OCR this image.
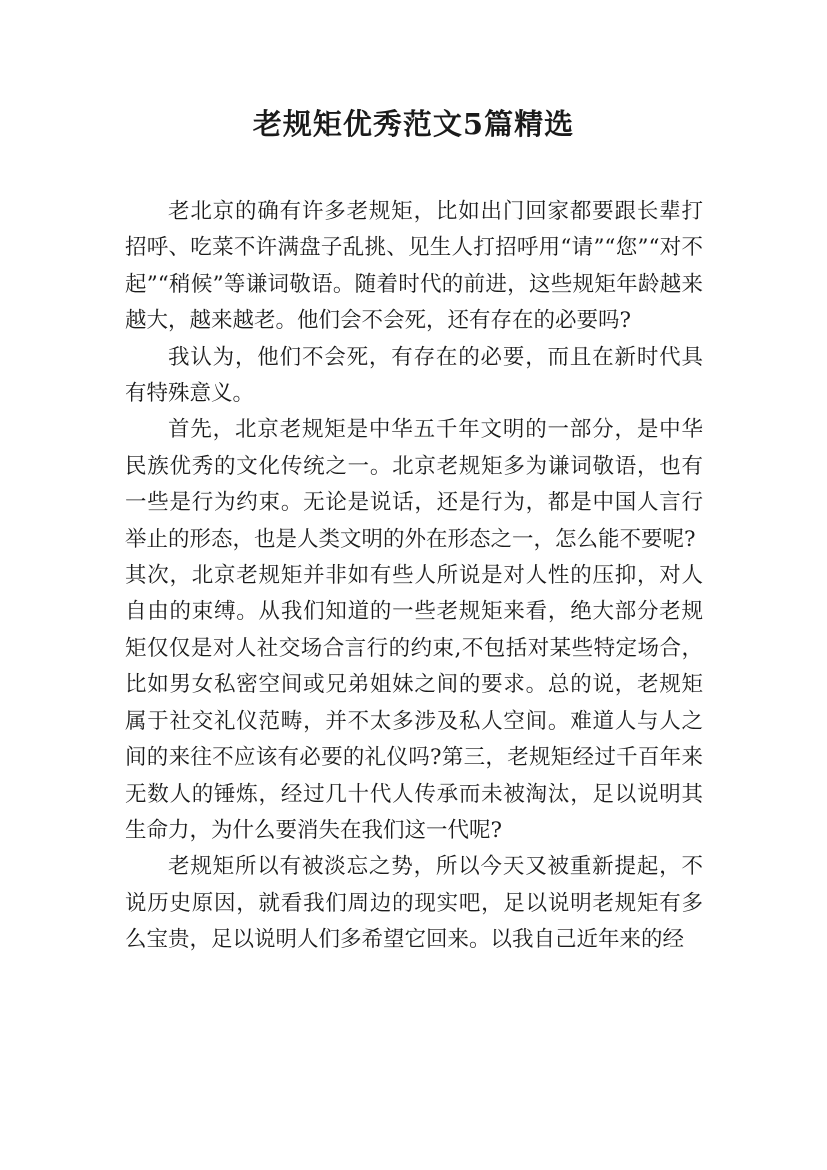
老规矩优秀范文5篇精选

老北京的确有许多老规矩，比如出门回家都要跟长辈打招呼、吃菜不许满盘子乱挑、见生人打招呼用“请”“您”“对不起”“稍候”等谦词敬语。随着时代的前进，这些规矩年龄越来越大，越来越老。他们会不会死，还有存在的必要吗?

我认为，他们不会死，有存在的必要，而且在新时代具有特殊意义。

首先，北京老规矩是中华五千年文明的一部分，是中华民族优秀的文化传统之一。北京老规矩多为谦词敬语，也有一些是行为约束。无论是说话，还是行为，都是中国人言行举止的形态，也是人类文明的外在形态之一，怎么能不要呢?

其次，北京老规矩并非如有些人所说是对人性的压抑，对人自由的束缚。从我们知道的一些老规矩来看，绝大部分老规矩仅仅是对人社交场合言行的约束,不包括对某些特定场合，比如男女私密空间或兄弟姐妹之间的要求。总的说，老规矩属于社交礼仪范畴，并不太多涉及私人空间。难道人与人之间的来往不应该有必要的礼仪吗?第三，老规矩经过千百年来无数人的锤炼，经过几十代人传承而未被淘汰，足以说明其生命力，为什么要消失在我们这一代呢?

老规矩所以有被淡忘之势，所以今天又被重新提起，不说历史原因，就看我们周边的现实吧，足以说明老规矩有多么宝贵，足以说明人们多希望它回来。以我自己近年来的经
